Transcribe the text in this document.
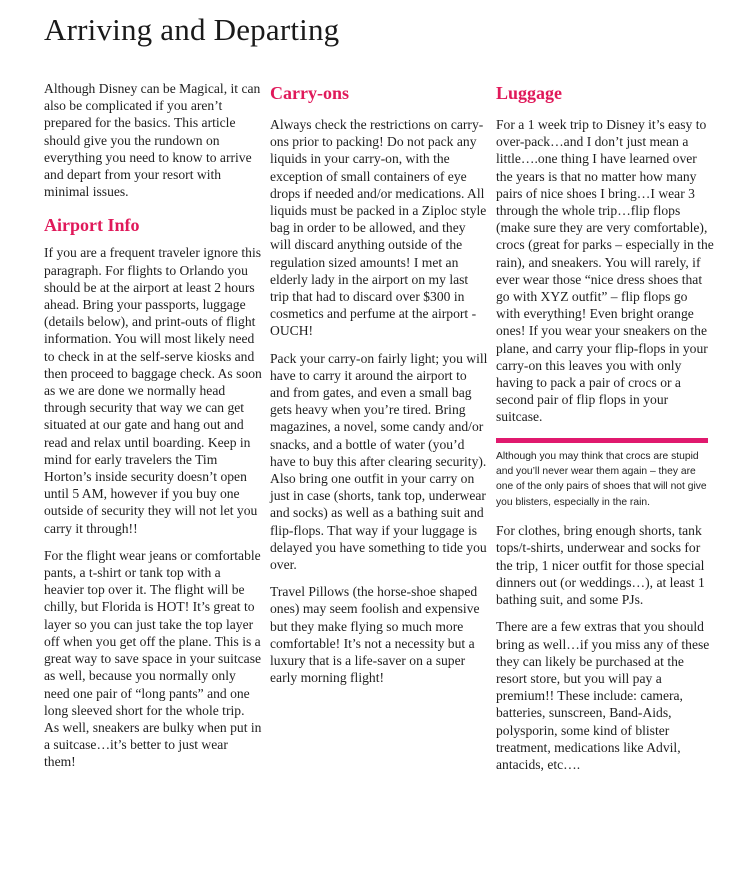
Arriving and Departing

Although Disney can be Magical, it can also be complicated if you aren’t prepared for the basics. This article should give you the rundown on everything you need to know to arrive and depart from your resort with minimal issues.

Airport Info

If you are a frequent traveler ignore this paragraph. For flights to Orlando you should be at the airport at least 2 hours ahead. Bring your passports, luggage (details below), and print-outs of flight information. You will most likely need to check in at the self-serve kiosks and then proceed to baggage check. As soon as we are done we normally head through security that way we can get situated at our gate and hang out and read and relax until boarding. Keep in mind for early travelers the Tim Horton’s inside security doesn’t open until 5 AM, however if you buy one outside of security they will not let you carry it through!!

For the flight wear jeans or comfortable pants, a t-shirt or tank top with a heavier top over it. The flight will be chilly, but Florida is HOT! It’s great to layer so you can just take the top layer off when you get off the plane. This is a great way to save space in your suitcase as well, because you normally only need one pair of “long pants” and one long sleeved short for the whole trip. As well, sneakers are bulky when put in a suitcase…it’s better to just wear them!

Carry-ons

Always check the restrictions on carry-ons prior to packing! Do not pack any liquids in your carry-on, with the exception of small containers of eye drops if needed and/or medications. All liquids must be packed in a Ziploc style bag in order to be allowed, and they will discard anything outside of the regulation sized amounts! I met an elderly lady in the airport on my last trip that had to discard over $300 in cosmetics and perfume at the airport - OUCH!

Pack your carry-on fairly light; you will have to carry it around the airport to and from gates, and even a small bag gets heavy when you’re tired. Bring magazines, a novel, some candy and/or snacks, and a bottle of water (you’d have to buy this after clearing security). Also bring one outfit in your carry on just in case (shorts, tank top, underwear and socks) as well as a bathing suit and flip-flops. That way if your luggage is delayed you have something to tide you over.

Travel Pillows (the horse-shoe shaped ones) may seem foolish and expensive but they make flying so much more comfortable! It’s not a necessity but a luxury that is a life-saver on a super early morning flight!

Luggage

For a 1 week trip to Disney it’s easy to over-pack…and I don’t just mean a little….one thing I have learned over the years is that no matter how many pairs of nice shoes I bring…I wear 3 through the whole trip…flip flops (make sure they are very comfortable), crocs (great for parks – especially in the rain), and sneakers. You will rarely, if ever wear those “nice dress shoes that go with XYZ outfit” – flip flops go with everything! Even bright orange ones! If you wear your sneakers on the plane, and carry your flip-flops in your carry-on this leaves you with only having to pack a pair of crocs or a second pair of flip flops in your suitcase.

Although you may think that crocs are stupid and you’ll never wear them again – they are one of the only pairs of shoes that will not give you blisters, especially in the rain.

For clothes, bring enough shorts, tank tops/t-shirts, underwear and socks for the trip, 1 nicer outfit for those special dinners out (or weddings…), at least 1 bathing suit, and some PJs.

There are a few extras that you should bring as well…if you miss any of these they can likely be purchased at the resort store, but you will pay a premium!! These include: camera, batteries, sunscreen, Band-Aids, polysporin, some kind of blister treatment, medications like Advil, antacids, etc….
